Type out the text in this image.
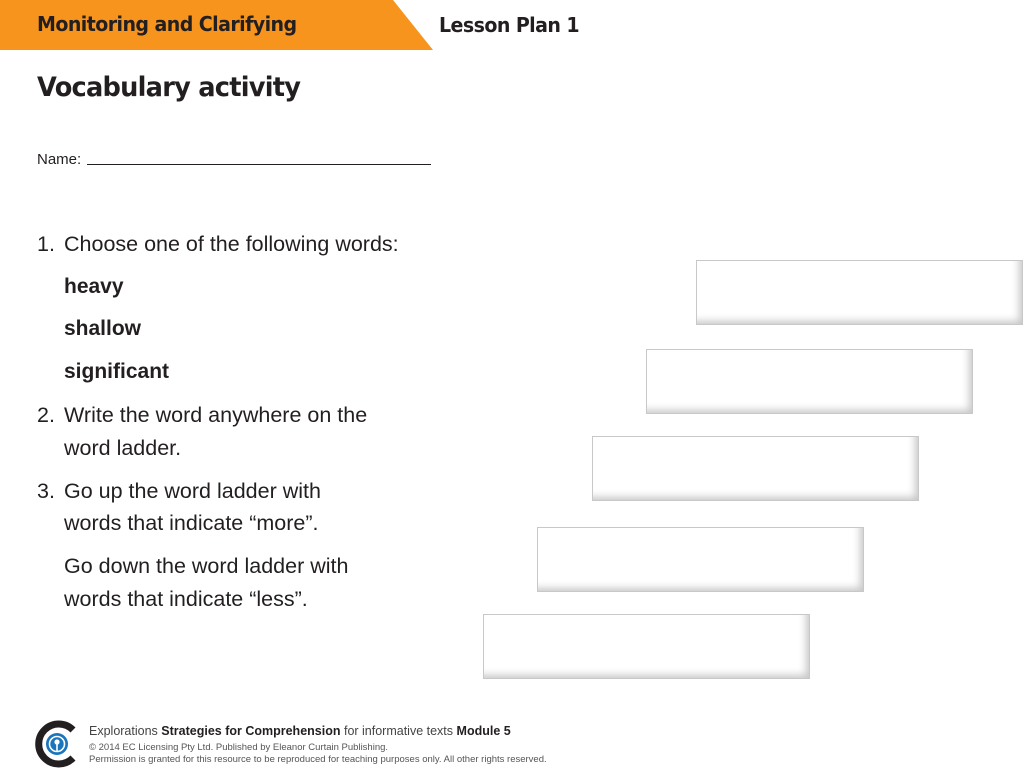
Monitoring and Clarifying	Lesson Plan 1
Vocabulary activity
Name:
1. Choose one of the following words:
heavy
shallow
significant
2. Write the word anywhere on the
word ladder.
3. Go up the word ladder with
words that indicate “more”.
Go down the word ladder with
words that indicate “less”.
Explorations Strategies for Comprehension for informative texts Module 5
© 2014 EC Licensing Pty Ltd. Published by Eleanor Curtain Publishing.
Permission is granted for this resource to be reproduced for teaching purposes only. All other rights reserved.
